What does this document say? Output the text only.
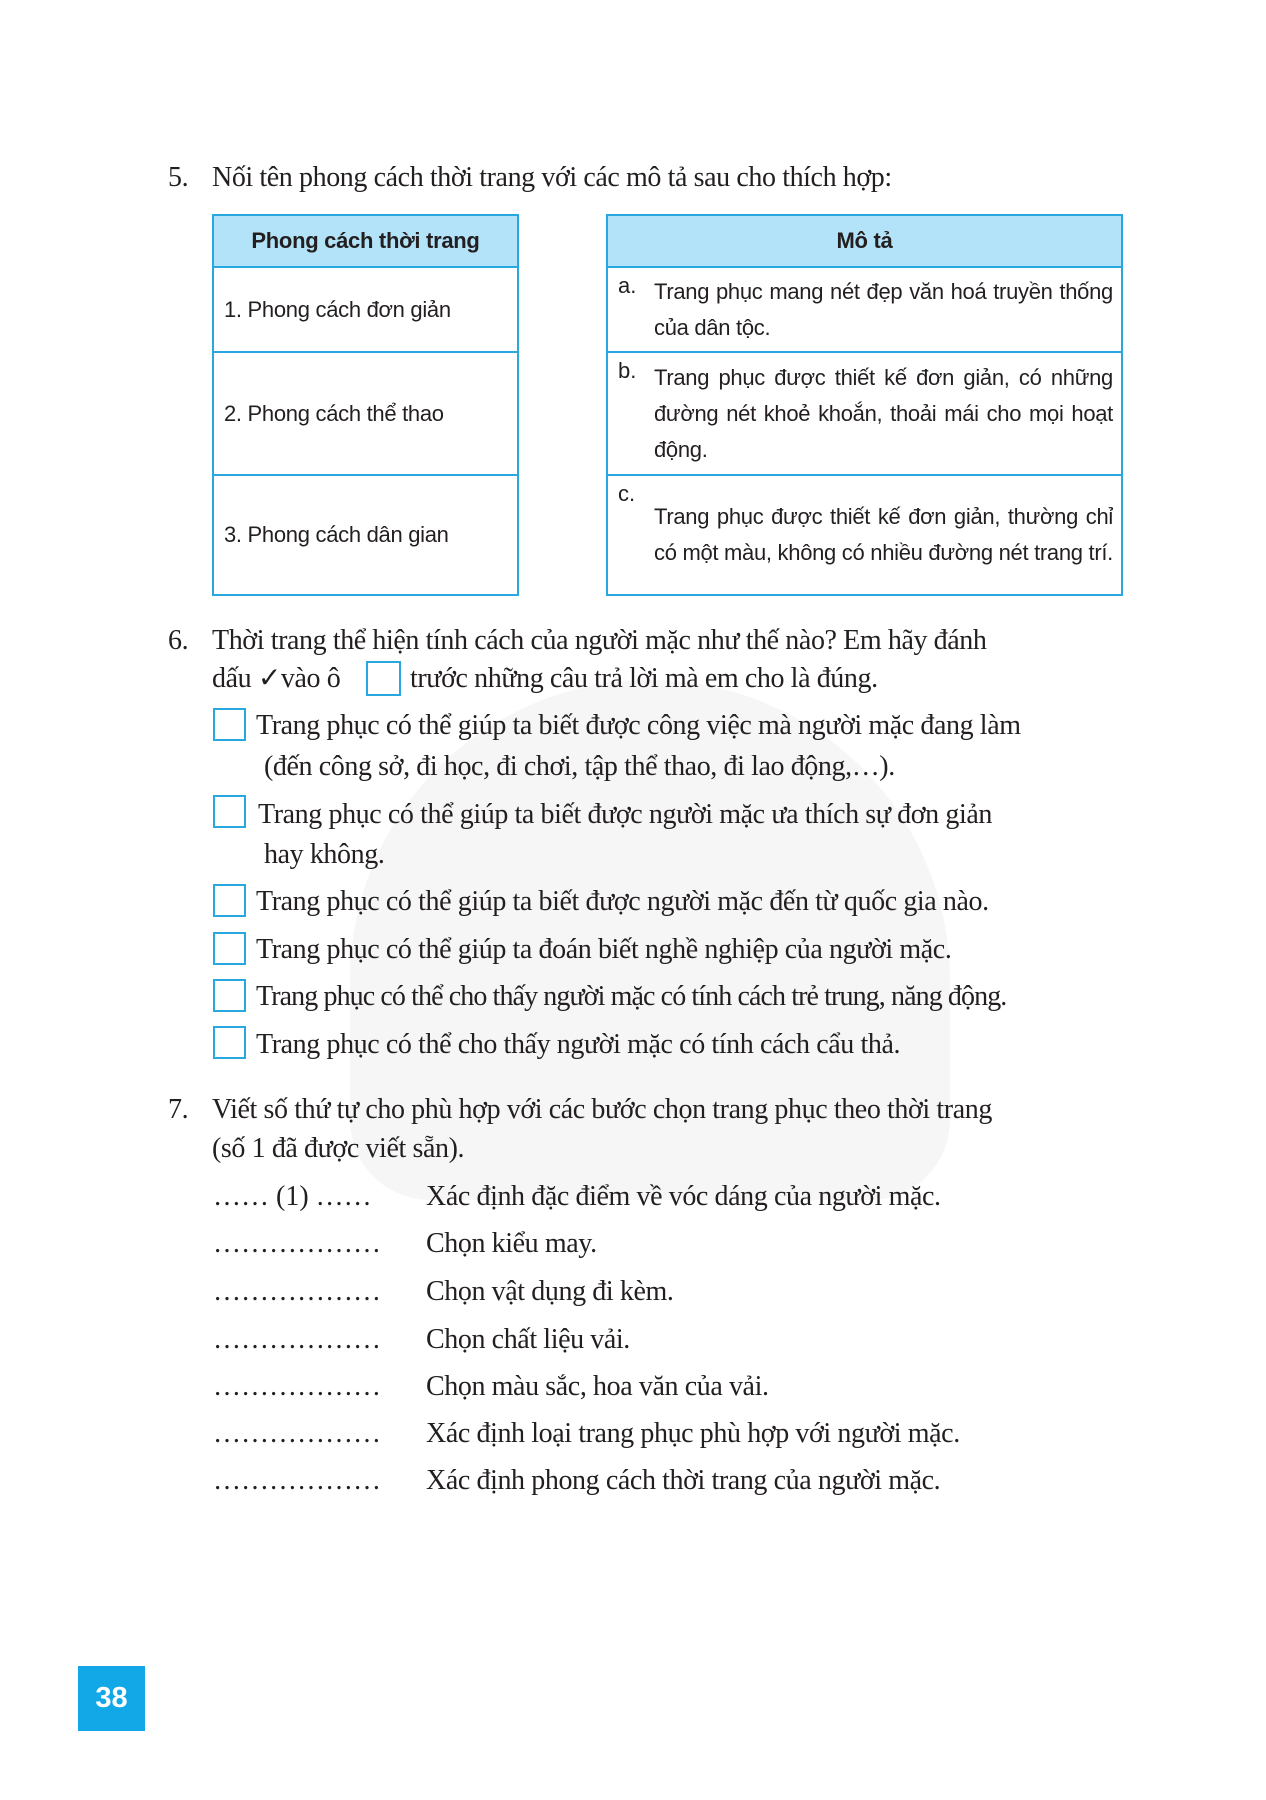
5. Nối tên phong cách thời trang với các mô tả sau cho thích hợp:
Phong cách thời trang
1. Phong cách đơn giản
2. Phong cách thể thao
3. Phong cách dân gian
Mô tả
a. Trang phục mang nét đẹp văn hoá truyền thống của dân tộc.
b. Trang phục được thiết kế đơn giản, có những đường nét khoẻ khoắn, thoải mái cho mọi hoạt động.
c.
Trang phục được thiết kế đơn giản, thường chỉ có một màu, không có nhiều đường nét trang trí.
6. Thời trang thể hiện tính cách của người mặc như thế nào? Em hãy đánh
dấu ✓vào ô trước những câu trả lời mà em cho là đúng.
Trang phục có thể giúp ta biết được công việc mà người mặc đang làm
(đến công sở, đi học, đi chơi, tập thể thao, đi lao động,…).
Trang phục có thể giúp ta biết được người mặc ưa thích sự đơn giản
hay không.
Trang phục có thể giúp ta biết được người mặc đến từ quốc gia nào.
Trang phục có thể giúp ta đoán biết nghề nghiệp của người mặc.
Trang phục có thể cho thấy người mặc có tính cách trẻ trung, năng động.
Trang phục có thể cho thấy người mặc có tính cách cẩu thả.
7. Viết số thứ tự cho phù hợp với các bước chọn trang phục theo thời trang
(số 1 đã được viết sẵn).
…… (1) …… Xác định đặc điểm về vóc dáng của người mặc.
……………… Chọn kiểu may.
……………… Chọn vật dụng đi kèm.
……………… Chọn chất liệu vải.
……………… Chọn màu sắc, hoa văn của vải.
……………… Xác định loại trang phục phù hợp với người mặc.
……………… Xác định phong cách thời trang của người mặc.
38
